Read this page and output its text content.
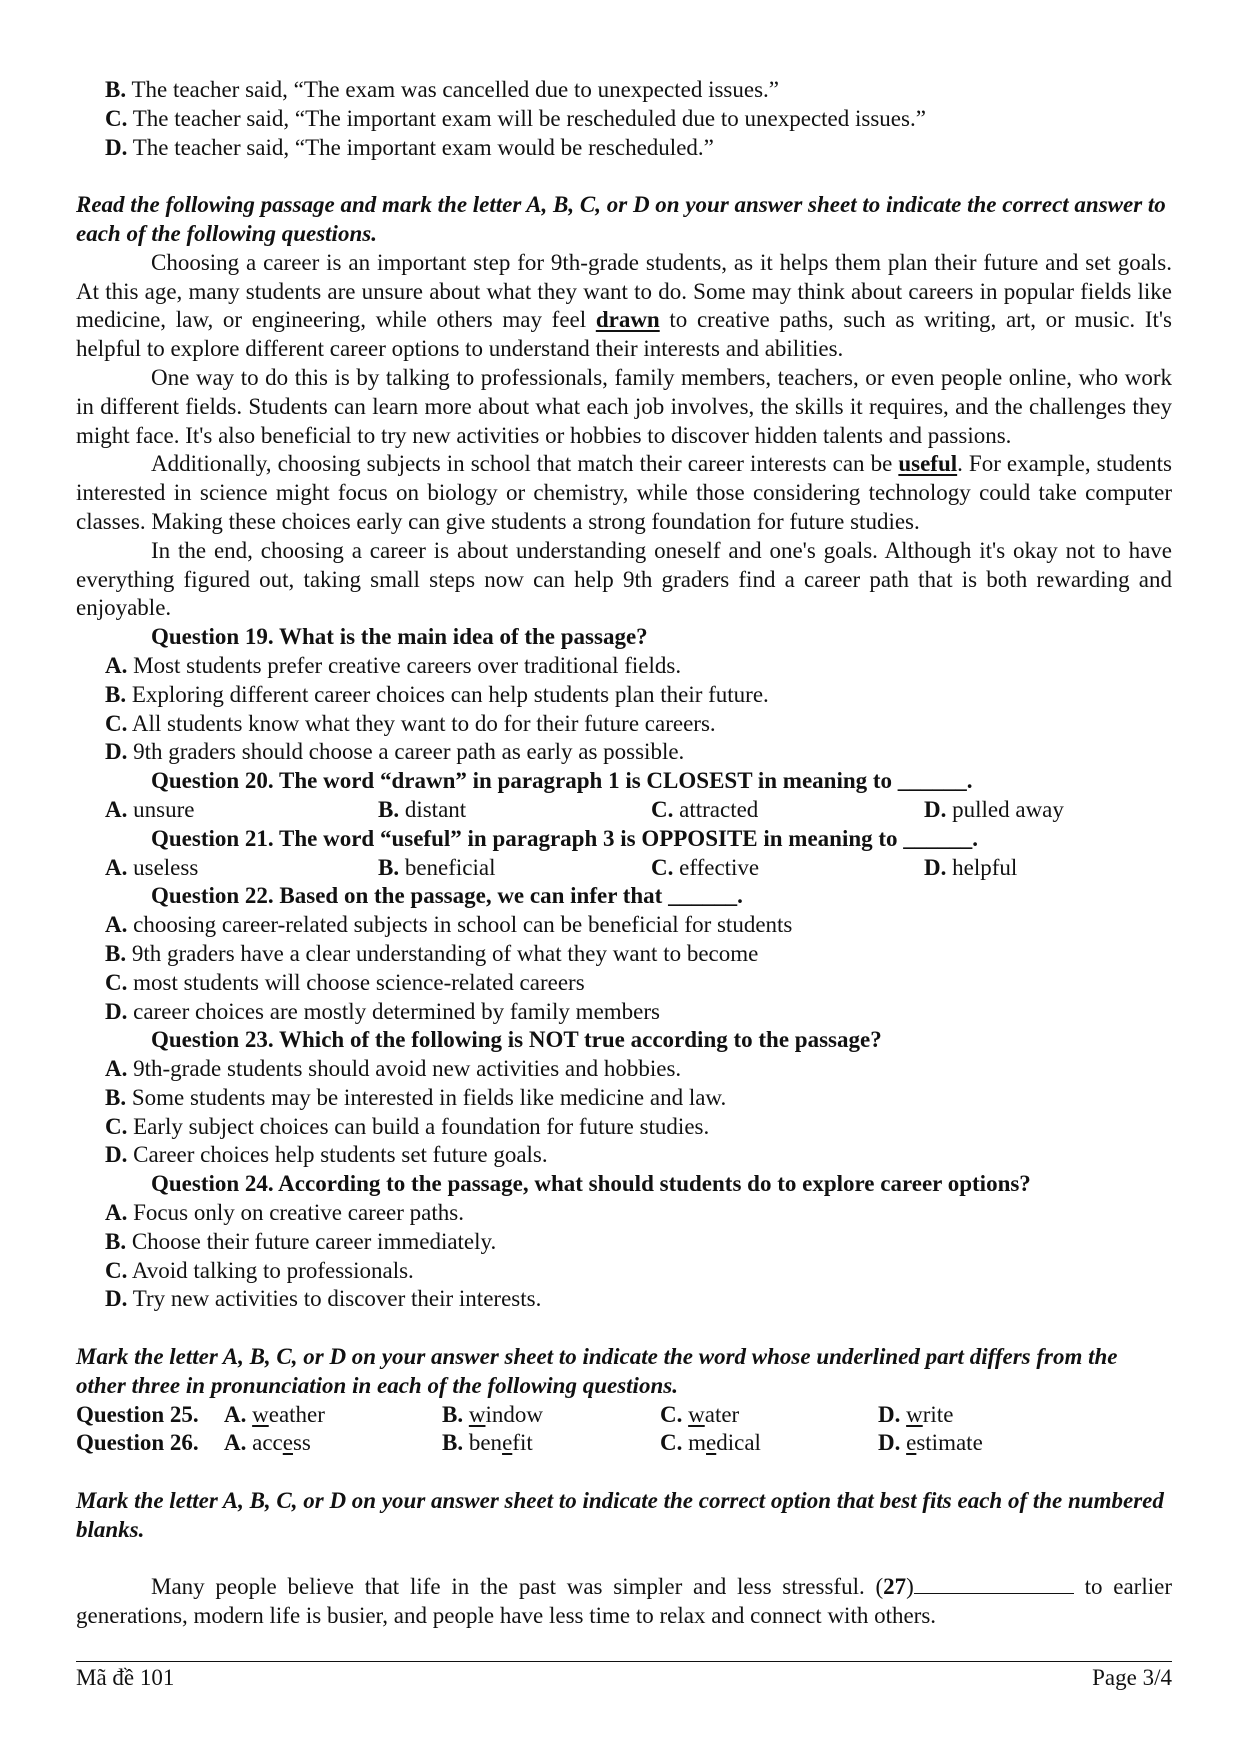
B. The teacher said, “The exam was cancelled due to unexpected issues.”
C. The teacher said, “The important exam will be rescheduled due to unexpected issues.”
D. The teacher said, “The important exam would be rescheduled.”
Read the following passage and mark the letter A, B, C, or D on your answer sheet to indicate the correct answer to each of the following questions.
Choosing a career is an important step for 9th-grade students, as it helps them plan their future and set goals. At this age, many students are unsure about what they want to do. Some may think about careers in popular fields like medicine, law, or engineering, while others may feel drawn to creative paths, such as writing, art, or music. It's helpful to explore different career options to understand their interests and abilities.
One way to do this is by talking to professionals, family members, teachers, or even people online, who work in different fields. Students can learn more about what each job involves, the skills it requires, and the challenges they might face. It's also beneficial to try new activities or hobbies to discover hidden talents and passions.
Additionally, choosing subjects in school that match their career interests can be useful. For example, students interested in science might focus on biology or chemistry, while those considering technology could take computer classes. Making these choices early can give students a strong foundation for future studies.
In the end, choosing a career is about understanding oneself and one's goals. Although it's okay not to have everything figured out, taking small steps now can help 9th graders find a career path that is both rewarding and enjoyable.
Question 19. What is the main idea of the passage?
A. Most students prefer creative careers over traditional fields.
B. Exploring different career choices can help students plan their future.
C. All students know what they want to do for their future careers.
D. 9th graders should choose a career path as early as possible.
Question 20. The word “drawn” in paragraph 1 is CLOSEST in meaning to ______.
A. unsure	B. distant	C. attracted	D. pulled away
Question 21. The word “useful” in paragraph 3 is OPPOSITE in meaning to ______.
A. useless	B. beneficial	C. effective	D. helpful
Question 22. Based on the passage, we can infer that ______.
A. choosing career-related subjects in school can be beneficial for students
B. 9th graders have a clear understanding of what they want to become
C. most students will choose science-related careers
D. career choices are mostly determined by family members
Question 23. Which of the following is NOT true according to the passage?
A. 9th-grade students should avoid new activities and hobbies.
B. Some students may be interested in fields like medicine and law.
C. Early subject choices can build a foundation for future studies.
D. Career choices help students set future goals.
Question 24. According to the passage, what should students do to explore career options?
A. Focus only on creative career paths.
B. Choose their future career immediately.
C. Avoid talking to professionals.
D. Try new activities to discover their interests.
Mark the letter A, B, C, or D on your answer sheet to indicate the word whose underlined part differs from the other three in pronunciation in each of the following questions.
Question 25.	A. weather	B. window	C. water	D. write
Question 26.	A. access	B. benefit	C. medical	D. estimate
Mark the letter A, B, C, or D on your answer sheet to indicate the correct option that best fits each of the numbered blanks.
Many people believe that life in the past was simpler and less stressful. (27)	to earlier generations, modern life is busier, and people have less time to relax and connect with others.
Mã đề 101	Page 3/4
